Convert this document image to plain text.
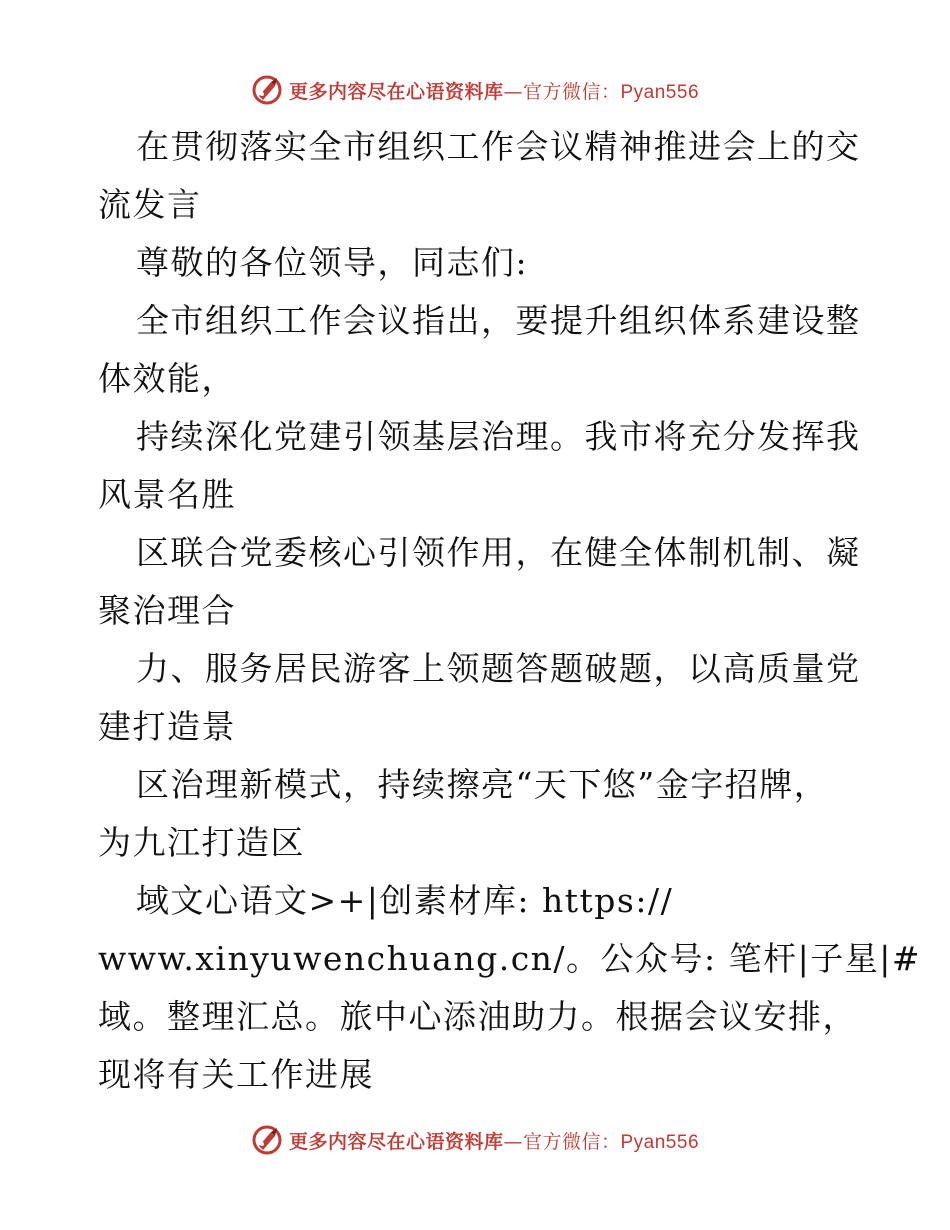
更多内容尽在心语资料库—官方微信：Pyan556
在贯彻落实全市组织工作会议精神推进会上的交
流发言
尊敬的各位领导，同志们:
全市组织工作会议指出，要提升组织体系建设整
体效能，
持续深化党建引领基层治理。我市将充分发挥我
风景名胜
区联合党委核心引领作用，在健全体制机制、凝
聚治理合
力、服务居民游客上领题答题破题，以高质量党
建打造景
区治理新模式，持续擦亮“天下悠”金字招牌，
为九江打造区
域文心语文>+|创素材库: https://
www.xinyuwenchuang.cn/。公众号: 笔杆|子星|#
域。整理汇总。旅中心添油助力。根据会议安排，
现将有关工作进展
更多内容尽在心语资料库—官方微信：Pyan556
